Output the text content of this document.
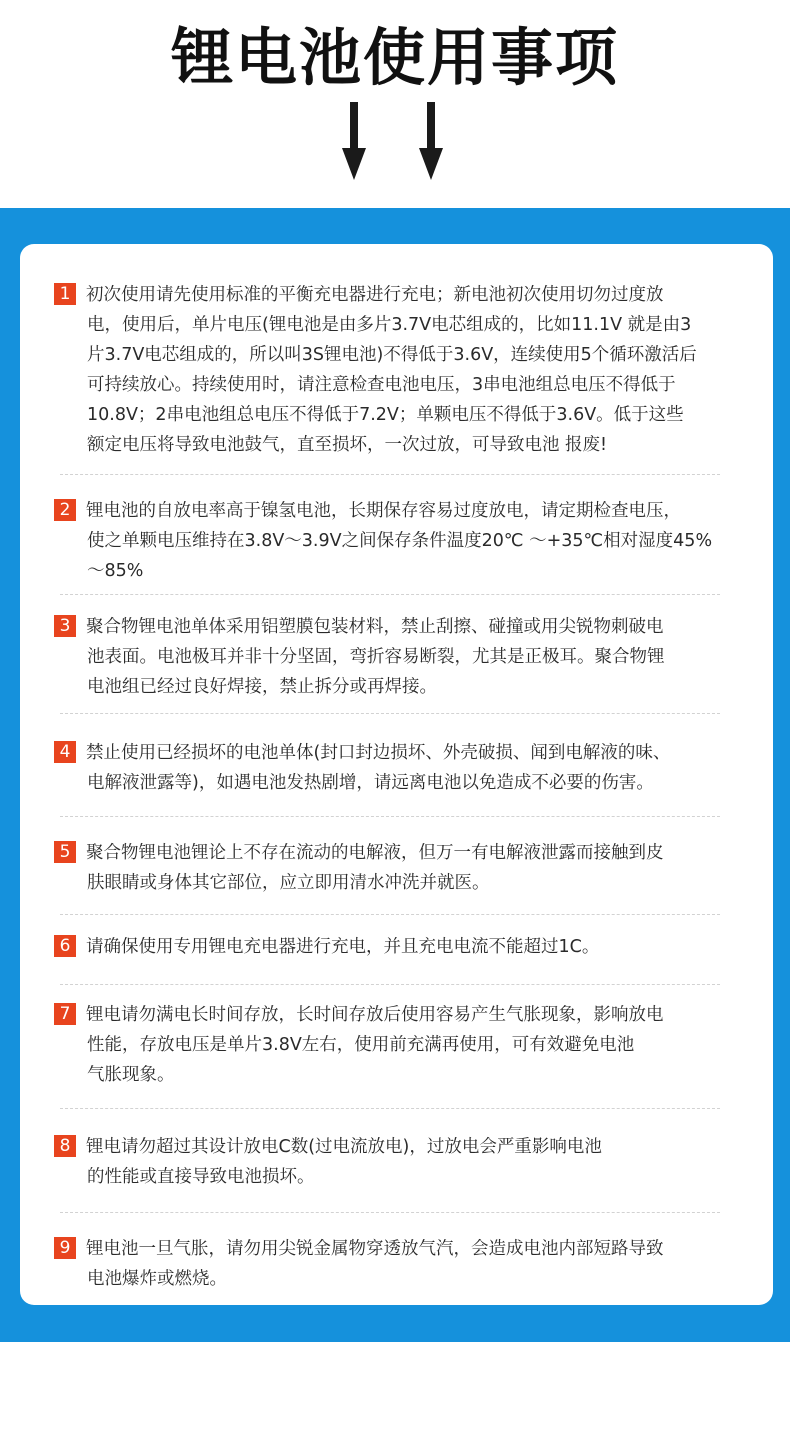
锂电池使用事项
1 初次使用请先使用标准的平衡充电器进行充电；新电池初次使用切勿过度放
电，使用后，单片电压(锂电池是由多片3.7V电芯组成的，比如11.1V 就是由3
片3.7V电芯组成的，所以叫3S锂电池)不得低于3.6V，连续使用5个循环激活后
可持续放心。持续使用时，请注意检查电池电压，3串电池组总电压不得低于
10.8V；2串电池组总电压不得低于7.2V；单颗电压不得低于3.6V。低于这些
额定电压将导致电池鼓气，直至损坏，一次过放，可导致电池 报废!
2 锂电池的自放电率高于镍氢电池，长期保存容易过度放电，请定期检查电压，
使之单颗电压维持在3.8V～3.9V之间保存条件温度20℃ ～+35℃相对湿度45%
～85%
3 聚合物锂电池单体采用铝塑膜包装材料，禁止刮擦、碰撞或用尖锐物刺破电
池表面。电池极耳并非十分坚固，弯折容易断裂，尤其是正极耳。聚合物锂
电池组已经过良好焊接，禁止拆分或再焊接。
4 禁止使用已经损坏的电池单体(封口封边损坏、外壳破损、闻到电解液的味、
电解液泄露等)，如遇电池发热剧增，请远离电池以免造成不必要的伤害。
5 聚合物锂电池锂论上不存在流动的电解液，但万一有电解液泄露而接触到皮
肤眼睛或身体其它部位，应立即用清水冲洗并就医。
6 请确保使用专用锂电充电器进行充电，并且充电电流不能超过1C。
7 锂电请勿满电长时间存放，长时间存放后使用容易产生气胀现象，影响放电
性能，存放电压是单片3.8V左右，使用前充满再使用，可有效避免电池
气胀现象。
8 锂电请勿超过其设计放电C数(过电流放电)，过放电会严重影响电池
的性能或直接导致电池损坏。
9 锂电池一旦气胀，请勿用尖锐金属物穿透放气汽，会造成电池内部短路导致
电池爆炸或燃烧。
